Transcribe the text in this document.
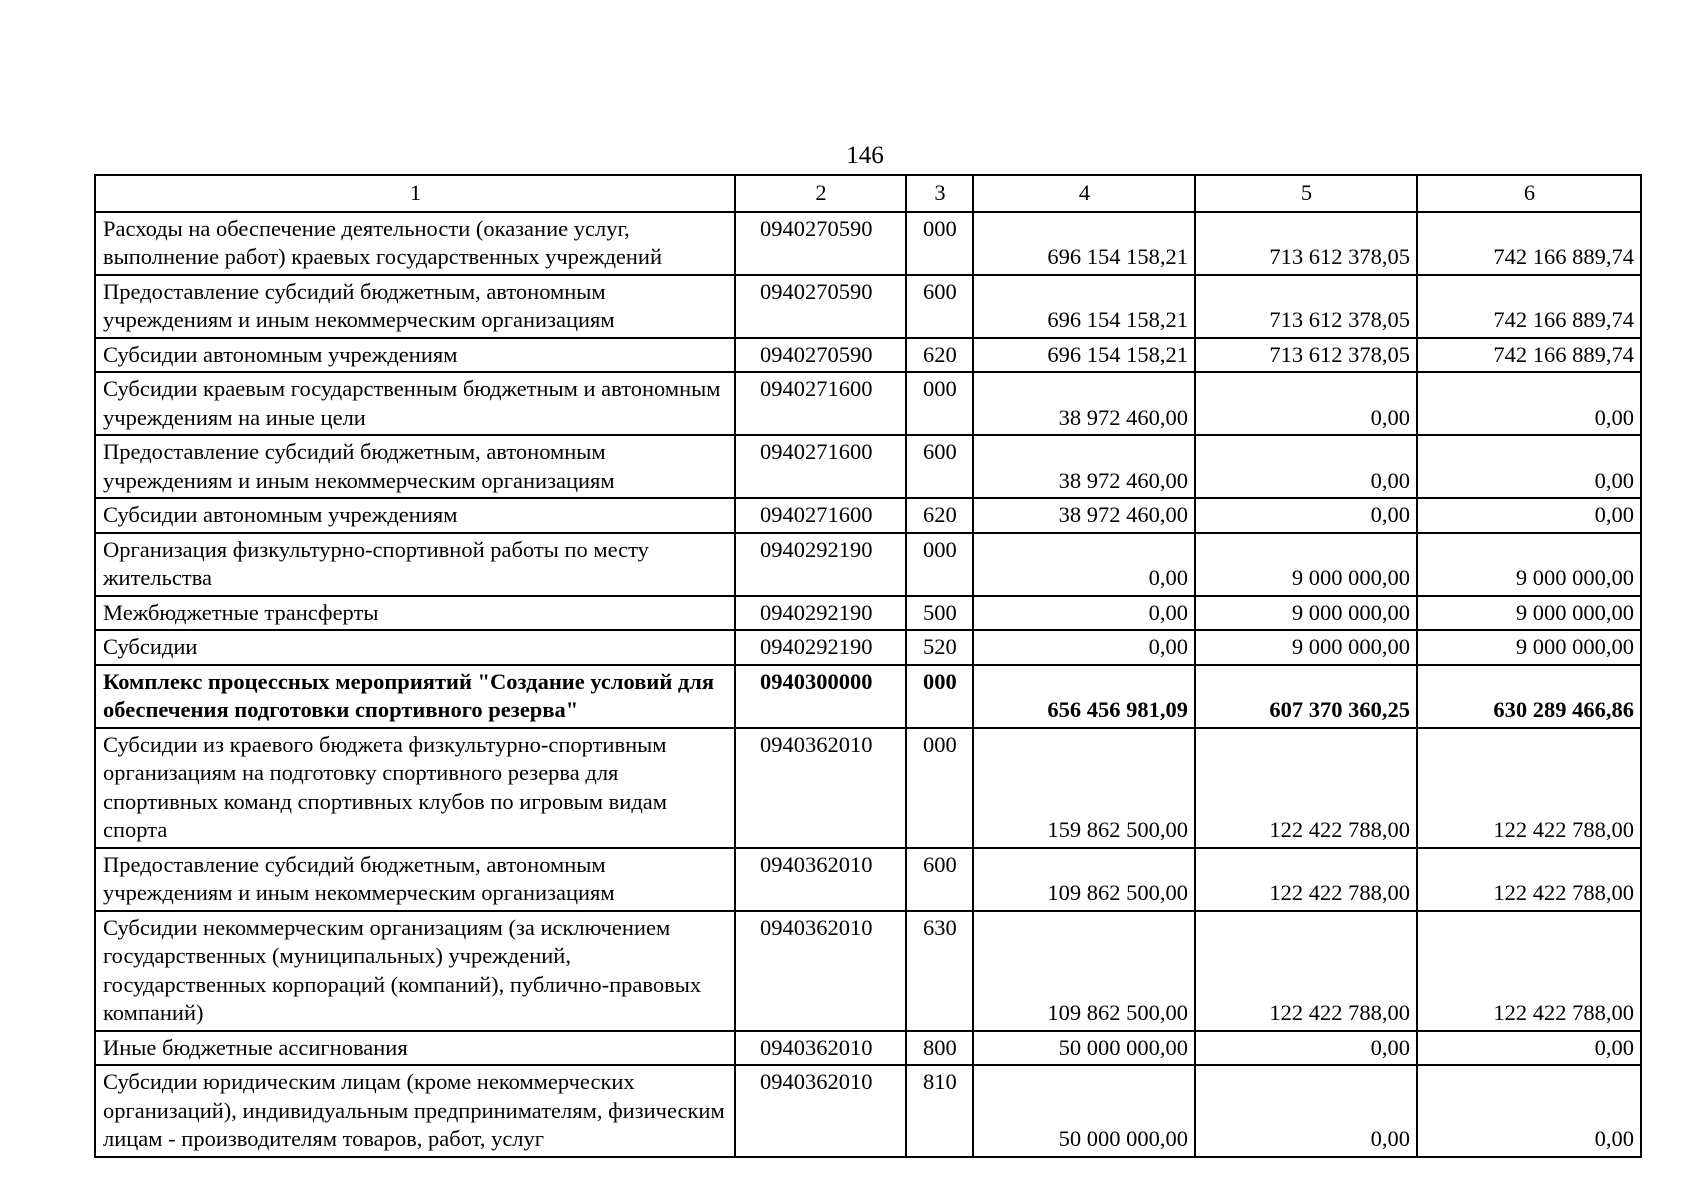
146
1	2	3	4	5	6
Расходы на обеспечение деятельности (оказание услуг, выполнение работ) краевых государственных учреждений	0940270590	000	696 154 158,21	713 612 378,05	742 166 889,74
Предоставление субсидий бюджетным, автономным учреждениям и иным некоммерческим организациям	0940270590	600	696 154 158,21	713 612 378,05	742 166 889,74
Субсидии автономным учреждениям	0940270590	620	696 154 158,21	713 612 378,05	742 166 889,74
Субсидии краевым государственным бюджетным и автономным учреждениям на иные цели	0940271600	000	38 972 460,00	0,00	0,00
Предоставление субсидий бюджетным, автономным учреждениям и иным некоммерческим организациям	0940271600	600	38 972 460,00	0,00	0,00
Субсидии автономным учреждениям	0940271600	620	38 972 460,00	0,00	0,00
Организация физкультурно-спортивной работы по месту жительства	0940292190	000	0,00	9 000 000,00	9 000 000,00
Межбюджетные трансферты	0940292190	500	0,00	9 000 000,00	9 000 000,00
Субсидии	0940292190	520	0,00	9 000 000,00	9 000 000,00
Комплекс процессных мероприятий "Создание условий для обеспечения подготовки спортивного резерва"	0940300000	000	656 456 981,09	607 370 360,25	630 289 466,86
Субсидии из краевого бюджета физкультурно-спортивным организациям на подготовку спортивного резерва для спортивных команд спортивных клубов по игровым видам спорта	0940362010	000	159 862 500,00	122 422 788,00	122 422 788,00
Предоставление субсидий бюджетным, автономным учреждениям и иным некоммерческим организациям	0940362010	600	109 862 500,00	122 422 788,00	122 422 788,00
Субсидии некоммерческим организациям (за исключением государственных (муниципальных) учреждений, государственных корпораций (компаний), публично-правовых компаний)	0940362010	630	109 862 500,00	122 422 788,00	122 422 788,00
Иные бюджетные ассигнования	0940362010	800	50 000 000,00	0,00	0,00
Субсидии юридическим лицам (кроме некоммерческих организаций), индивидуальным предпринимателям, физическим лицам - производителям товаров, работ, услуг	0940362010	810	50 000 000,00	0,00	0,00
